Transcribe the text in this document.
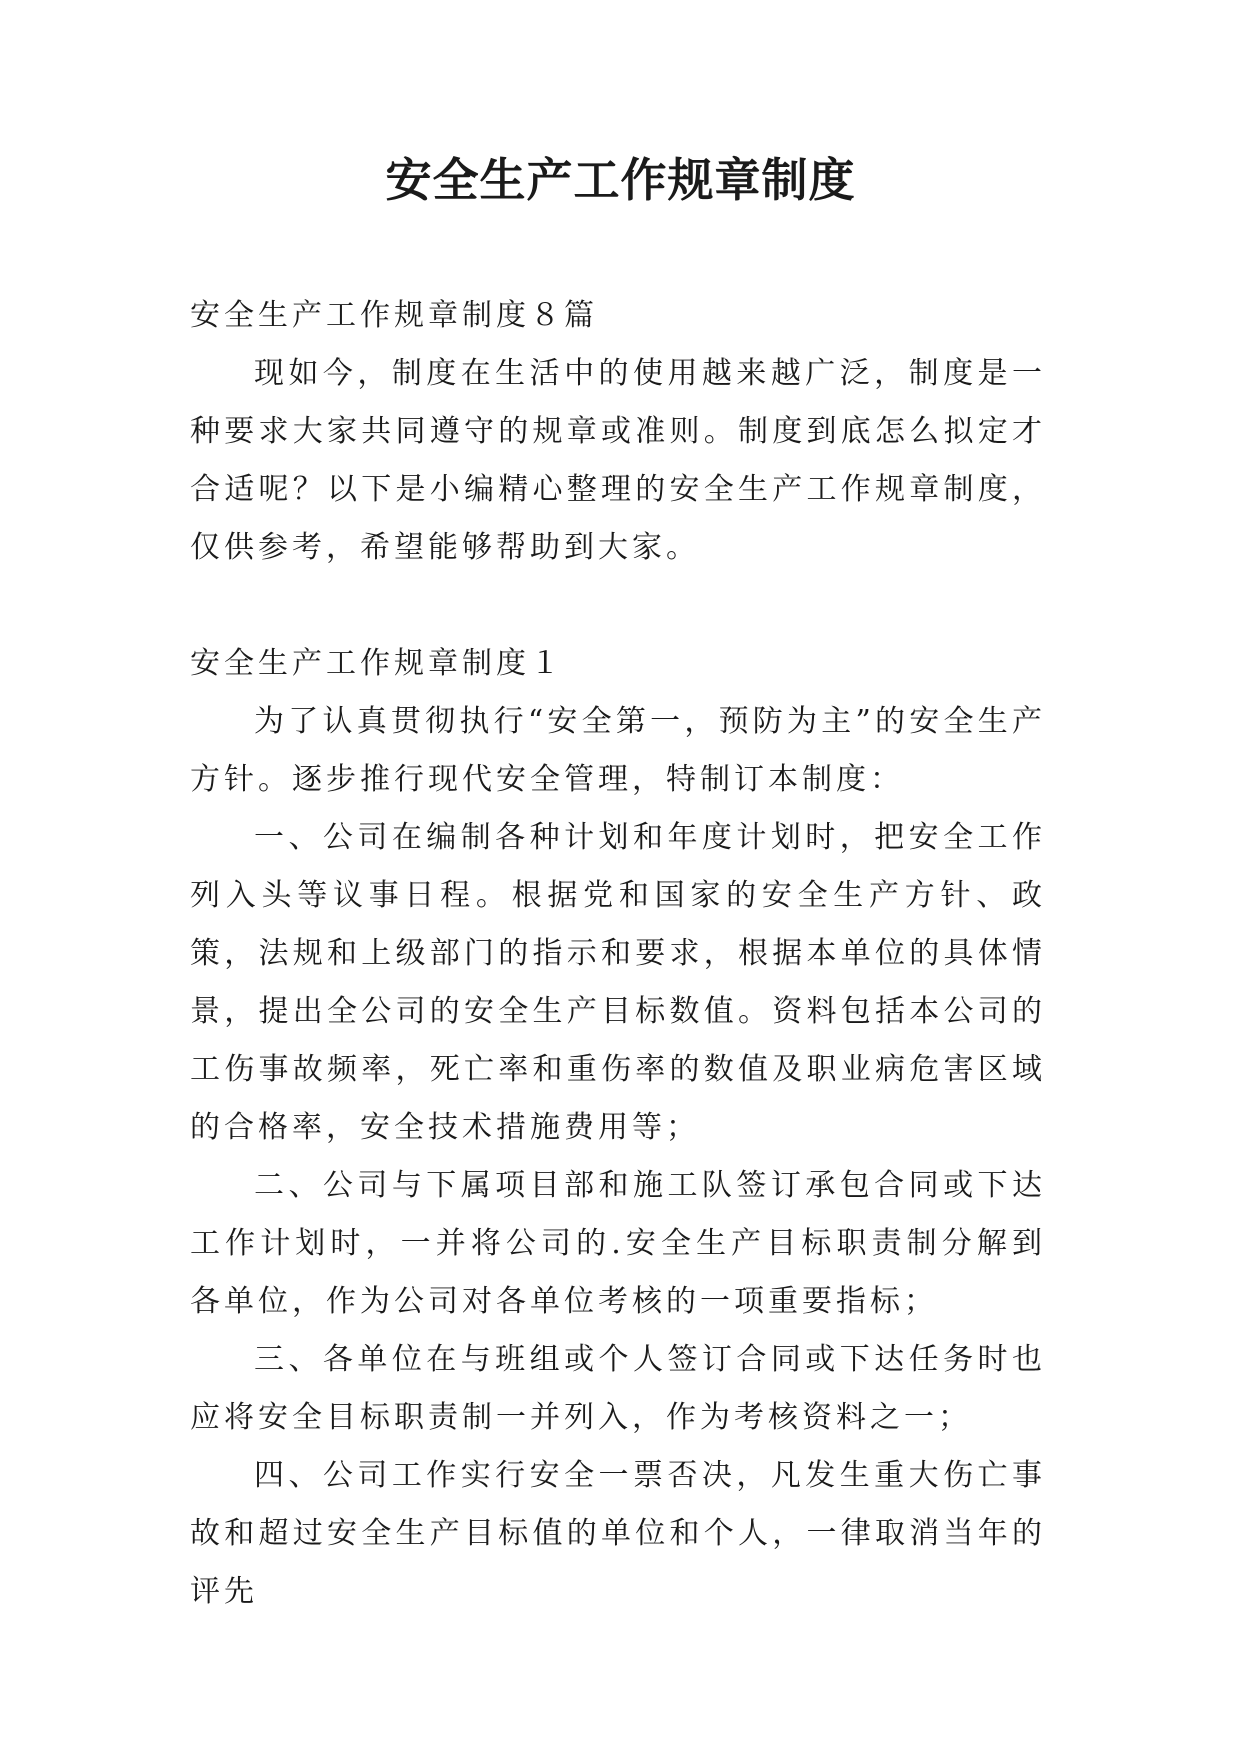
安全生产工作规章制度

安全生产工作规章制度８篇

现如今，制度在生活中的使用越来越广泛，制度是一种要求大家共同遵守的规章或准则。制度到底怎么拟定才合适呢？以下是小编精心整理的安全生产工作规章制度，仅供参考，希望能够帮助到大家。

安全生产工作规章制度１

为了认真贯彻执行“安全第一，预防为主”的安全生产方针。逐步推行现代安全管理，特制订本制度：

一、公司在编制各种计划和年度计划时，把安全工作列入头等议事日程。根据党和国家的安全生产方针、政策，法规和上级部门的指示和要求，根据本单位的具体情景，提出全公司的安全生产目标数值。资料包括本公司的工伤事故频率，死亡率和重伤率的数值及职业病危害区域的合格率，安全技术措施费用等；

二、公司与下属项目部和施工队签订承包合同或下达工作计划时，一并将公司的.安全生产目标职责制分解到各单位，作为公司对各单位考核的一项重要指标；

三、各单位在与班组或个人签订合同或下达任务时也应将安全目标职责制一并列入，作为考核资料之一；

四、公司工作实行安全一票否决，凡发生重大伤亡事故和超过安全生产目标值的单位和个人，一律取消当年的评先
